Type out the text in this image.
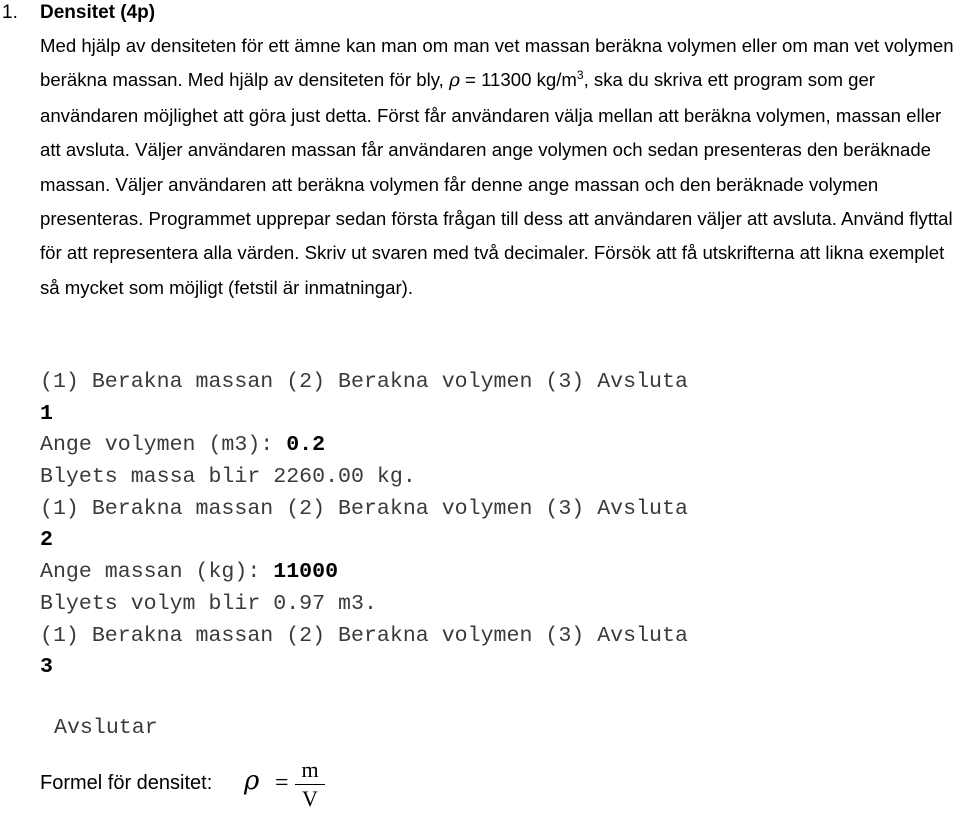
1. Densitet (4p)
Med hjälp av densiteten för ett ämne kan man om man vet massan beräkna volymen eller om man vet volymen beräkna massan. Med hjälp av densiteten för bly, ρ = 11300 $kg/m^3$, ska du skriva ett program som ger användaren möjlighet att göra just detta. Först får användaren välja mellan att beräkna volymen, massan eller att avsluta. Väljer användaren massan får användaren ange volymen och sedan presenteras den beräknade massan. Väljer användaren att beräkna volymen får denne ange massan och den beräknade volymen presenteras. Programmet upprepar sedan första frågan till dess att användaren väljer att avsluta. Använd flyttal för att representera alla värden. Skriv ut svaren med två decimaler. Försök att få utskrifterna att likna exemplet så mycket som möjligt (fetstil är inmatningar).
(1) Berakna massan (2) Berakna volymen (3) Avsluta
1
Ange volymen (m3): 0.2
Blyets massa blir 2260.00 kg.
(1) Berakna massan (2) Berakna volymen (3) Avsluta
2
Ange massan (kg): 11000
Blyets volym blir 0.97 m3.
(1) Berakna massan (2) Berakna volymen (3) Avsluta
3
Avslutar
Formel för densitet: ρ =
m
V
